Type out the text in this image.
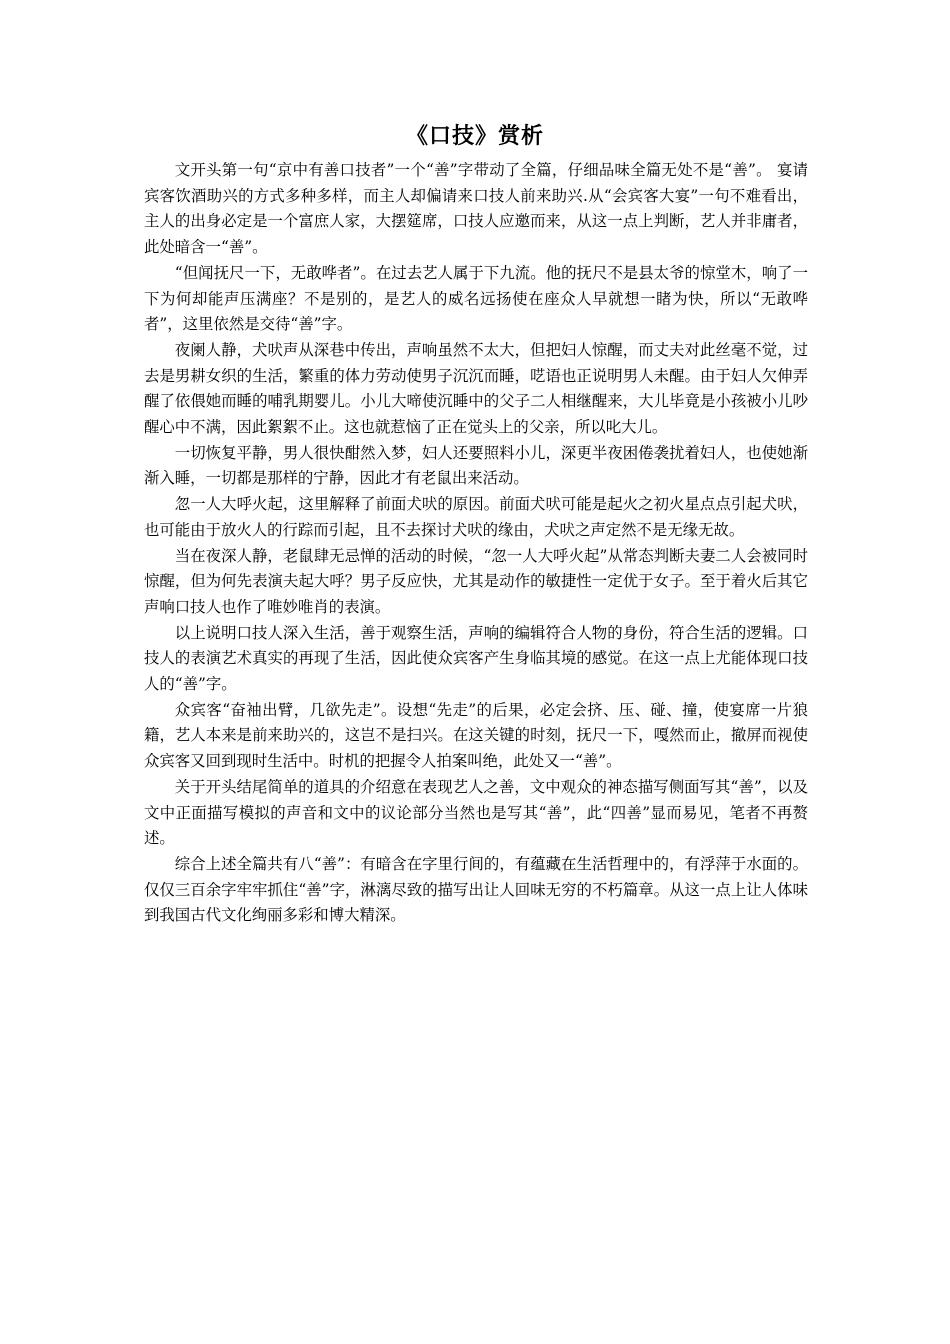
《口技》赏析

文开头第一句“京中有善口技者”一个“善”字带动了全篇，仔细品味全篇无处不是“善”。 宴请宾客饮酒助兴的方式多种多样，而主人却偏请来口技人前来助兴.从“会宾客大宴”一句不难看出，主人的出身必定是一个富庶人家，大摆筵席，口技人应邀而来，从这一点上判断，艺人并非庸者，此处暗含一“善”。

“但闻抚尺一下，无敢哗者”。在过去艺人属于下九流。他的抚尺不是县太爷的惊堂木，响了一下为何却能声压满座？不是别的，是艺人的威名远扬使在座众人早就想一睹为快，所以“无敢哗者”，这里依然是交待“善”字。

夜阑人静，犬吠声从深巷中传出，声响虽然不太大，但把妇人惊醒，而丈夫对此丝毫不觉，过去是男耕女织的生活，繁重的体力劳动使男子沉沉而睡，呓语也正说明男人未醒。由于妇人欠伸弄醒了依偎她而睡的哺乳期婴儿。小儿大啼使沉睡中的父子二人相继醒来，大儿毕竟是小孩被小儿吵醒心中不满，因此絮絮不止。这也就惹恼了正在觉头上的父亲，所以叱大儿。

一切恢复平静，男人很快酣然入梦，妇人还要照料小儿，深更半夜困倦袭扰着妇人，也使她渐渐入睡，一切都是那样的宁静，因此才有老鼠出来活动。

忽一人大呼火起，这里解释了前面犬吠的原因。前面犬吠可能是起火之初火星点点引起犬吠，也可能由于放火人的行踪而引起，且不去探讨犬吠的缘由，犬吠之声定然不是无缘无故。

当在夜深人静，老鼠肆无忌惮的活动的时候，“忽一人大呼火起”从常态判断夫妻二人会被同时惊醒，但为何先表演夫起大呼？男子反应快，尤其是动作的敏捷性一定优于女子。至于着火后其它声响口技人也作了唯妙唯肖的表演。

以上说明口技人深入生活，善于观察生活，声响的编辑符合人物的身份，符合生活的逻辑。口技人的表演艺术真实的再现了生活，因此使众宾客产生身临其境的感觉。在这一点上尤能体现口技人的“善”字。

众宾客“奋袖出臂，几欲先走”。设想“先走”的后果，必定会挤、压、碰、撞，使宴席一片狼籍，艺人本来是前来助兴的，这岂不是扫兴。在这关键的时刻，抚尺一下，嘎然而止，撤屏而视使众宾客又回到现时生活中。时机的把握令人拍案叫绝，此处又一“善”。

关于开头结尾简单的道具的介绍意在表现艺人之善，文中观众的神态描写侧面写其“善”，以及文中正面描写模拟的声音和文中的议论部分当然也是写其“善”，此“四善”显而易见，笔者不再赘述。

综合上述全篇共有八“善”：有暗含在字里行间的，有蕴藏在生活哲理中的，有浮萍于水面的。仅仅三百余字牢牢抓住“善”字，淋漓尽致的描写出让人回味无穷的不朽篇章。从这一点上让人体味到我国古代文化绚丽多彩和博大精深。
